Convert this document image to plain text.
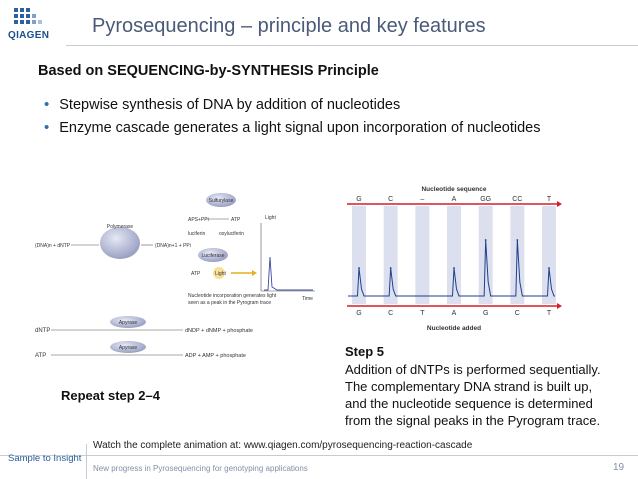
QIAGEN Pyrosequencing – principle and key features
Based on SEQUENCING-by-SYNTHESIS Principle
• Stepwise synthesis of DNA by addition of nucleotides
• Enzyme cascade generates a light signal upon incorporation of nucleotides
Sulfurylase
APS+PPi	ATP	Light
Time
luciferin	oxyluciferin
Polymerase
(DNA)n + dNTP	(DNA)n+1 + PPi
Luciferase
ATP	Light
Nucleotide incorporation generates light
seen as a peak in the Pyrogram trace
dNTP
Apyrase
dNDP + dNMP + phosphate
ATP
Apyrase
ADP + AMP + phosphate
Nucleotide sequence
Nucleotide added
G
G
C
C
–
T
A
A
GG
G
CC
C
T
T
Repeat step 2–4
Step 5
Addition of dNTPs is performed sequentially.
The complementary DNA strand is built up,
and the nucleotide sequence is determined
from the signal peaks in the Pyrogram trace.
Watch the complete animation at: www.qiagen.com/pyrosequencing-reaction-cascade
Sample to Insight
New progress in Pyrosequencing for genotyping applications	19
